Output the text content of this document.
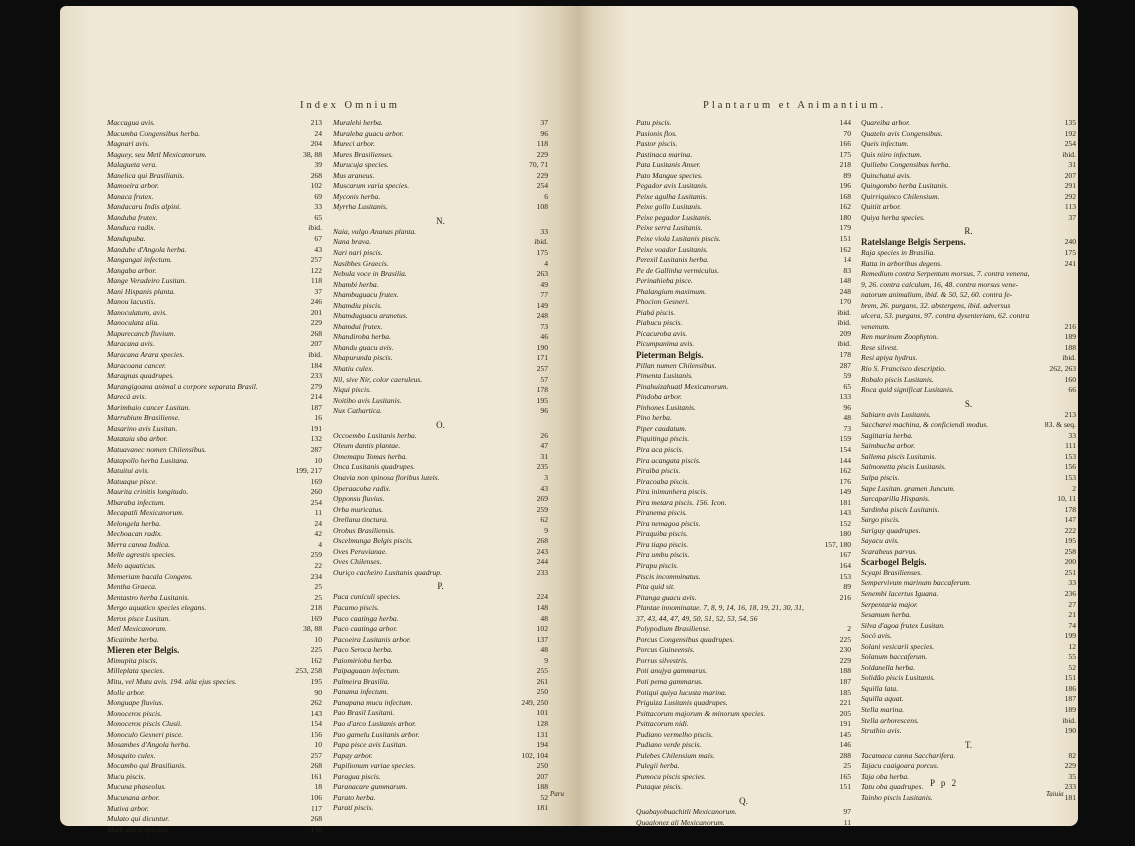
Index Omnium
Maccagua avis.	213
Macumba Congensibus herba.	24
Magnari avis.	204
Maguey, seu Metl Mexicanorum.	38, 88
Malagueta vera.	39
Manelica qui Brasilianis.	268
Mamoeira arbor.	102
Manaca frutex.	69
Mandacaru Indis alpini.	33
Manduba frutex.	65
Manduca radix.	ibid.
Mandupuba.	67
Mandube d'Angola herba.	43
Mangangai infectum.	257
Mangaba arbor.	122
Mange Veradeiro Lusitan.	118
Mani Hispanis planta.	37
Manou lacustis.	246
Manoculatum, avis.	201
Manoculata alia.	229
Mapurecancb fluvium.	268
Maracana avis.	207
Maracana Arara species.	ibid.
Maracoana cancer.	184
Maragnas quadrupes.	233
Marangigoana animal a corpore separata Brasil.	279
Marecá avis.	214
Marimbaio cancer Lusitan.	187
Marrubium Brasiliense.	16
Masarino avis Lusitan.	191
Matataia sba arbor.	132
Matuavanec nomen Chilensibus.	287
Matapollo herba Lusitana.	10
Matuitui avis.	199, 217
Matuaque pisce.	169
Maurita crinitis longitudo.	260
Mbaraba infectum.	254
Mecapatli Mexicanorum.	11
Melongela herba.	24
Mechoacan radix.	42
Merra canna Indica.	4
Melle agrestis species.	259
Melo aquaticus.	22
Memeriam bacala Congens.	234
Mentha Graeca.	25
Mentastro herba Lusitanis.	25
Mergo aquatico species elegans.	218
Meros pisce Lusitan.	169
Metl Mexicanorum.	38, 88
Micaimbe herba.	10
Mieren eter Belgis.	225
Mimupita piscis.	162
Milleplata species.	253, 258
Mitu, vel Mutu avis. 194. alia ejus species.	195
Molle arbor.	90
Monguape fluvius.	262
Monoceros piscis.	143
Monoceros piscis Clusii.	154
Monoculo Gesneri pisce.	156
Mosambes d'Angola herba.	10
Mosquito culex.	257
Mocambo qui Brasilianis.	268
Mucu piscis.	161
Mucuna phaseolus.	18
Mucunana arbor.	106
Mutiva arbor.	117
Mulato qui dicuntur.	268
Mulli piscis species.	156
Muralehi herba.	37
Muraleba guacu arbor.	96
Mureci arbor.	118
Mures Brasilienses.	229
Murucuja species.	70, 71
Mus araneus.	229
Muscarum varia species.	254
Myconis herba.	6
Myrrha Lusitanis.	108
N.
Naia, vulgo Ananas planta.	33
Nana brava.	ibid.
Nari nari piscis.	175
Nasibbes Graecis.	4
Nebula voce in Brasilia.	263
Nhambi herba.	49
Nhambuguacu frutex.	77
Nhamdiu piscis.	149
Nhamduguacu aranetus.	248
Nhamdui frutex.	73
Nhandiroba herba.	46
Nhandu guacu avis.	190
Nhapurunda piscis.	171
Nhatiu culex.	257
Nil, sive Nir, color caeruleus.	57
Niqui piscis.	178
Noitibo avis Lusitanis.	195
Nux Cathartica.	96
O.
Occoembo Lusitanis herba.	26
Oleum dantis plantae.	47
Omemapu Tomas herba.	31
Onca Lusitanis quadrupes.	235
Onavia non spinosa floribus luteis.	3
Operaacoba radix.	43
Opponsu fluvius.	269
Orba muricatus.	259
Orellana tinctura.	62
Orobus Brasiliensis.	9
Oscelmunga Belgis piscis.	268
Oves Peruvianae.	243
Oves Chilenses.	244
Ouriço cacheiro Lusitanis quadrup.	233
P.
Paca cuniculi species.	224
Pacamo piscis.	148
Paco caatinga herba.	48
Paco caatinga arbor.	102
Pacoeira Lusitanis arbor.	137
Paco Seroca herba.	48
Paiomirioba herba.	9
Paipaguaan infectum.	255
Palmeira Brasilia.	261
Panama infectum.	250
Panapana mucu infectum.	249, 250
Pao Brasil Lusitani.	101
Pao d'arco Lusitanis arbor.	128
Pao gamelu Lusitanis arbor.	131
Papa pisce avis Lusitan.	194
Papay arbor.	102, 104
Papilionum variae species.	250
Paragua piscis.	207
Paranacare gummarum.	188
Parato herba.	52
Paratí piscis.	181
Paru
Plantarum et Animantium.
Patu piscis.	144
Pasionis flos.	70
Pastor piscis.	166
Pastinaca marina.	175
Pata Lusitanis Anser.	218
Pato Mangue species.	89
Pegador avis Lusitanis.	196
Peixe agulha Lusitanis.	168
Peixe gollo Lusitanis.	162
Peixe pegador Lusitanis.	180
Peixe serra Lusitanis.	179
Peixe viola Lusitanis piscis.	151
Peixe voador Lusitanis.	162
Perexil Lusitanis herba.	14
Pe de Gallinha vermiculus.	83
Perinahieba pisce.	148
Phalangium maximum.	248
Phocion Gesneri.	170
Piabá piscis.	ibid.
Piabucu piscis.	ibid.
Picacuroba avis.	209
Picumpanima avis.	ibid.
Pieterman Belgis.	178
Pillan numen Chilensibus.	287
Pimenta Lusitanis.	59
Pinahuizahuatl Mexicanorum.	65
Pindoba arbor.	133
Pinhones Lusitanis.	96
Pino herba.	48
Piper caudatum.	73
Piquitinga piscis.	159
Pira aca piscis.	154
Pira acangata piscis.	144
Piraiba piscis.	162
Piracoaba piscis.	176
Pira inimunhera piscis.	149
Pira metara piscis. 156. Icon.	181
Piranema piscis.	143
Pira nemagoa piscis.	152
Piraquiba piscis.	180
Pira tiapa piscis.	157, 180
Pira umbu piscis.	167
Pirapu piscis.	164
Piscis incomminatus.	153
Pita quid sit.	89
Pitanga guacu avis.	216
Plantae innominatae. 7, 8, 9, 14, 16, 18, 19, 21, 30, 31,
37, 43, 44, 47, 49, 50, 51, 52, 53, 54, 56
Polypodium Brasiliense.	2
Porcus Congensibus quadrupes.	225
Porcus Guineensis.	230
Porrus silvestris.	229
Poti anujya gammarus.	188
Poti pema gammarus.	187
Potiqui quiya lucusta marina.	185
Priguiza Lusitanis quadrupes.	221
Psittacorum majorum & minorum species.	205
Psittacorum nidi.	191
Pudiano vermelho piscis.	145
Pudiano verde piscis.	146
Pulebes Chilensium mais.	288
Pulegii herba.	25
Pumocu piscis species.	165
Putaque piscis.	151
Q.
Quabayobuachitli Mexicanorum.	97
Quaalonez ali Mexicanorum.	11
Quareiba arbor.	135
Quatelo avis Congensibus.	192
Queis infectum.	254
Quis niiro infectum.	ibid.
Quiliebo Congensibus herba.	31
Quinchatui avis.	207
Quingombo herba Lusitanis.	291
Quirriquinco Chilensium.	292
Quitiit arbor.	113
Quiya herba species.	37
R.
Ratelslange Belgis Serpens.	240
Raja species in Brasilia.	175
Ratta in arboribus degens.	241
Remedium contra Serpentum morsus, 7. contra venena,
9, 26. contra calculum, 16, 48. contra morsus vene-
natorum animalium, ibid. & 50, 52, 60. contra fe-
brem, 26. purgans, 32. abstergens, ibid. adversus
ulcera, 53. purgans, 97. contra dysenteriam, 62. contra
venenum.	216
Ren marinum Zoophyton.	189
Rese silvest.	188
Resi apiya hydrus.	ibid.
Rio S. Francisco descriptio.	262, 263
Robalo piscis Lusitanis.	160
Roca quid significat Lusitanis.	66
S.
Sabiarn avis Lusitanis.	213
Saccharei machina, & conficiendi modus.	83. & seq.
Sagittaria herba.	33
Saimbucha arbor.	111
Sallema piscis Lusitanis.	153
Salmonetta piscis Lusitanis.	156
Salpa piscis.	153
Sape Lusitan. gramen Juncum.	2
Sarcaparilla Hispanis.	10, 11
Sardinha piscis Lusitanis.	178
Sargo piscis.	147
Sariguy quadrupes.	222
Sayacu avis.	195
Scarabeus parvus.	258
Scarbogel Belgis.	200
Scyapi Brasilienses.	251
Sempervivum marinum baccaferum.	33
Senembi lacertus Iguana.	236
Serpentaria major.	27
Sesamum herba.	21
Silva d'agoa frutex Lusitan.	74
Socó avis.	199
Solani vesicarii species.	12
Solanum baccaferum.	55
Soldanella herba.	52
Solidão piscis Lusitanis.	151
Squilla lata.	186
Squilla aquat.	187
Stella marina.	189
Stella arborescens.	ibid.
Struthio avis.	190
T.
Tacamaca canna Saccharifera.	82
Tajacu caaigoara porcus.	229
Taja oba herba.	35
Tatu oba quadrupes.	233
Tainho piscis Lusitanis.	181
P p 2
Taiuia
